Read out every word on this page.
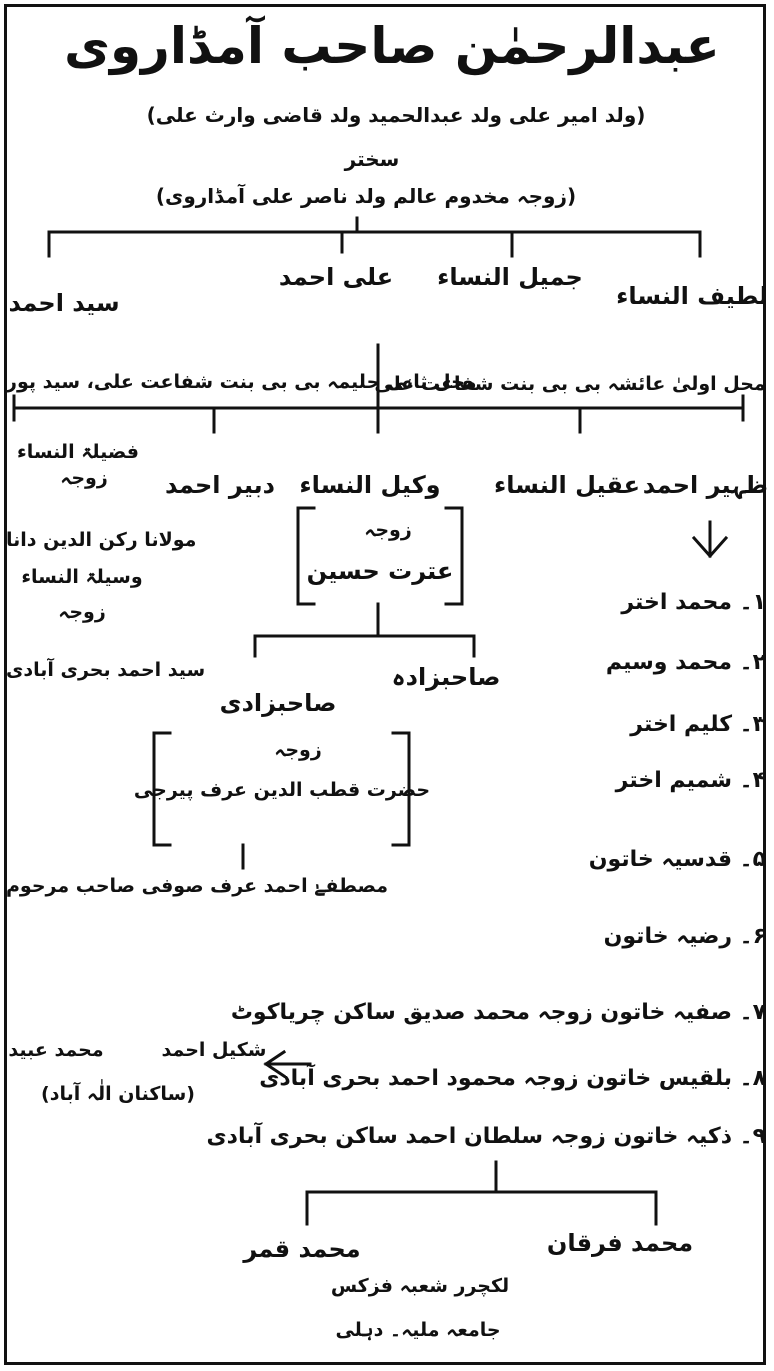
عبدالرحمٰن صاحب آمڈاروی
(ولد امیر علی ولد عبدالحمید ولد قاضی وارث علی)
سختر
(زوجہ مخدوم عالم ولد ناصر علی آمڈاروی)
لطیف النساء
جمیل النساء
علی احمد
سید احمد
محل اولیٰ عائشہ بی بی بنت شفاعت علی
محل ثانی حلیمہ بی بی بنت شفاعت علی، سید پور
ظہیر احمد
عقیل النساء
وکیل النساء
دبیر احمد
فضیلۃ النساء
زوجہ
مولانا رکن الدین دانا
وسیلۃ النساء
زوجہ
سید احمد بحری آبادی
زوجہ
عترت حسین
صاحبزادہ
صاحبزادی
زوجہ
حضرت قطب الدین عرف پیرجی
مصطفےٰ احمد عرف صوفی صاحب مرحوم
۱۔ محمد اختر
۲۔ محمد وسیم
۳۔ کلیم اختر
۴۔ شمیم اختر
۵۔ قدسیہ خاتون
۶۔ رضیہ خاتون
۷۔ صفیہ خاتون زوجہ محمد صدیق ساکن چریاکوٹ
۸۔ بلقیس خاتون زوجہ محمود احمد بحری آبادی
۹۔ ذکیہ خاتون زوجہ سلطان احمد ساکن بحری آبادی
شکیل احمد
محمد عبید
(ساکنان الٰہ آباد)
محمد فرقان
محمد قمر
لکچرر شعبہ فزکس
جامعہ ملیہ۔ دہلی
